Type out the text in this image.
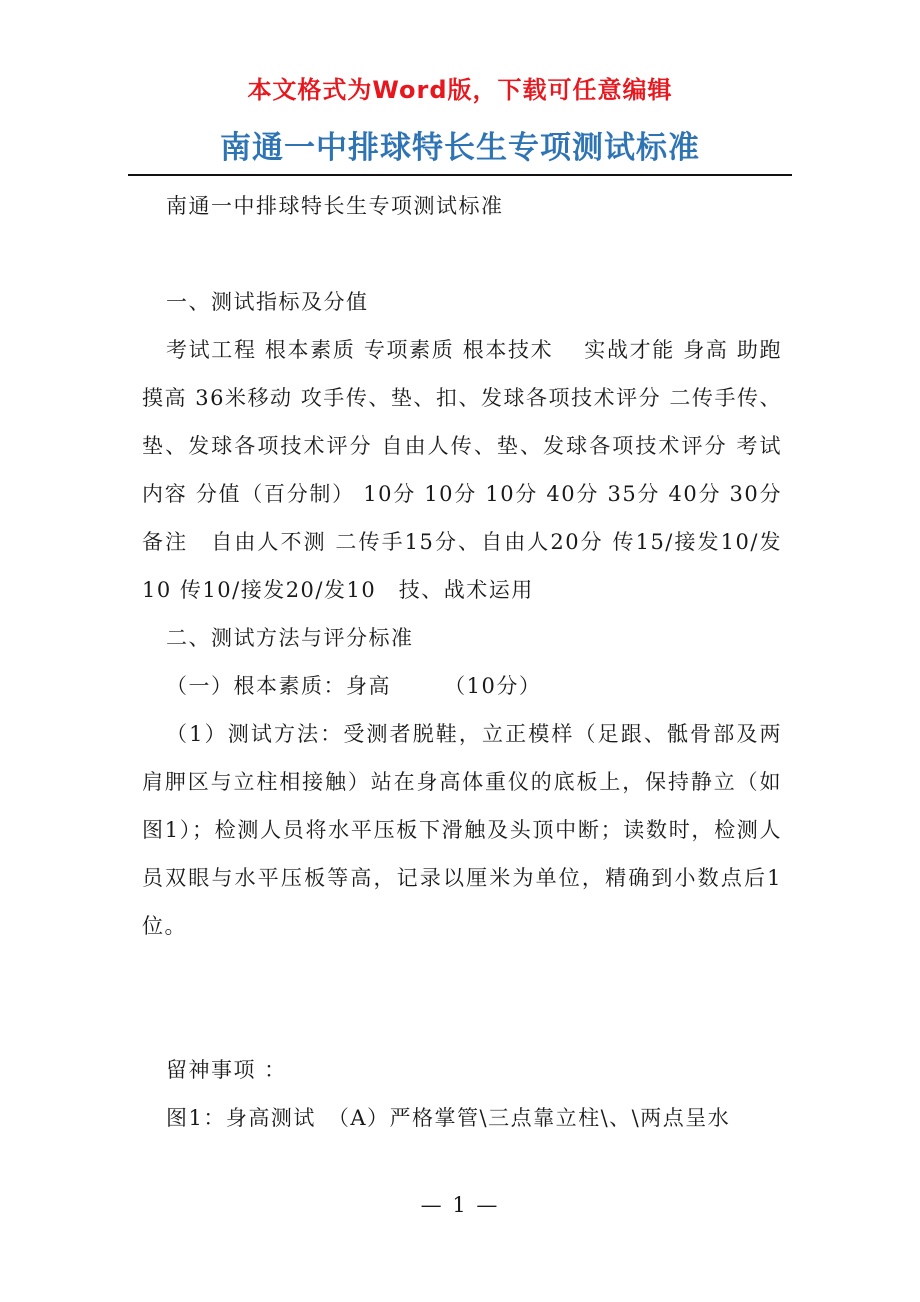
本文格式为Word版，下载可任意编辑
南通一中排球特长生专项测试标准

南通一中排球特长生专项测试标准

一、测试指标及分值

考试工程 根本素质 专项素质 根本技术　 实战才能 身高 助跑摸高 36米移动 攻手传、垫、扣、发球各项技术评分 二传手传、垫、发球各项技术评分 自由人传、垫、发球各项技术评分 考试内容 分值（百分制） 10分 10分 10分 40分 35分 40分 30分　备注　自由人不测 二传手15分、自由人20分 传15/接发10/发10 传10/接发20/发10　技、战术运用

二、测试方法与评分标准

（一）根本素质：身高　　 （10分）

（1）测试方法：受测者脱鞋，立正模样（足跟、骶骨部及两肩胛区与立柱相接触）站在身高体重仪的底板上，保持静立（如图1）；检测人员将水平压板下滑触及头顶中断；读数时，检测人员双眼与水平压板等高，记录以厘米为单位，精确到小数点后1位。

留神事项 ：

图1：身高测试　（A）严格掌管\三点靠立柱\、\两点呈水

— 1 —
